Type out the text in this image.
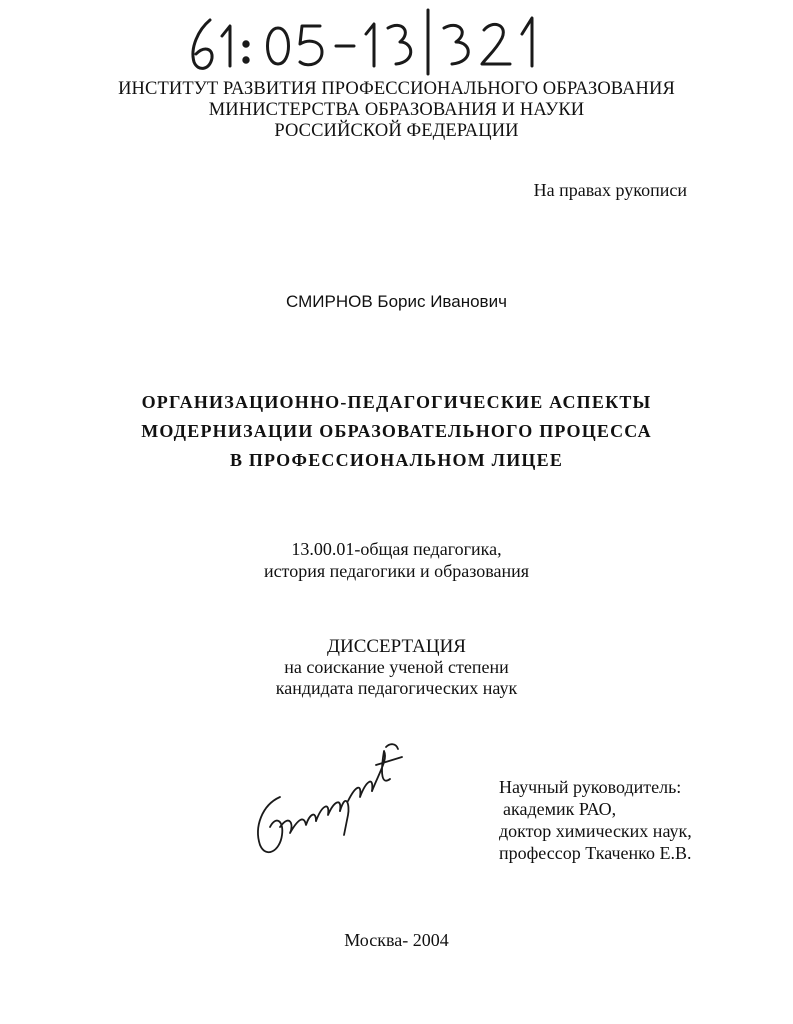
ИНСТИТУТ РАЗВИТИЯ ПРОФЕССИОНАЛЬНОГО ОБРАЗОВАНИЯ
МИНИСТЕРСТВА ОБРАЗОВАНИЯ И НАУКИ
РОССИЙСКОЙ ФЕДЕРАЦИИ
На правах рукописи
СМИРНОВ Борис Иванович
ОРГАНИЗАЦИОННО-ПЕДАГОГИЧЕСКИЕ АСПЕКТЫ
МОДЕРНИЗАЦИИ ОБРАЗОВАТЕЛЬНОГО ПРОЦЕССА
В ПРОФЕССИОНАЛЬНОМ ЛИЦЕЕ
13.00.01-общая педагогика,
история педагогики и образования
ДИССЕРТАЦИЯ
на соискание ученой степени
кандидата педагогических наук
Научный руководитель:
академик РАО,
доктор химических наук,
профессор Ткаченко Е.В.
Москва- 2004
